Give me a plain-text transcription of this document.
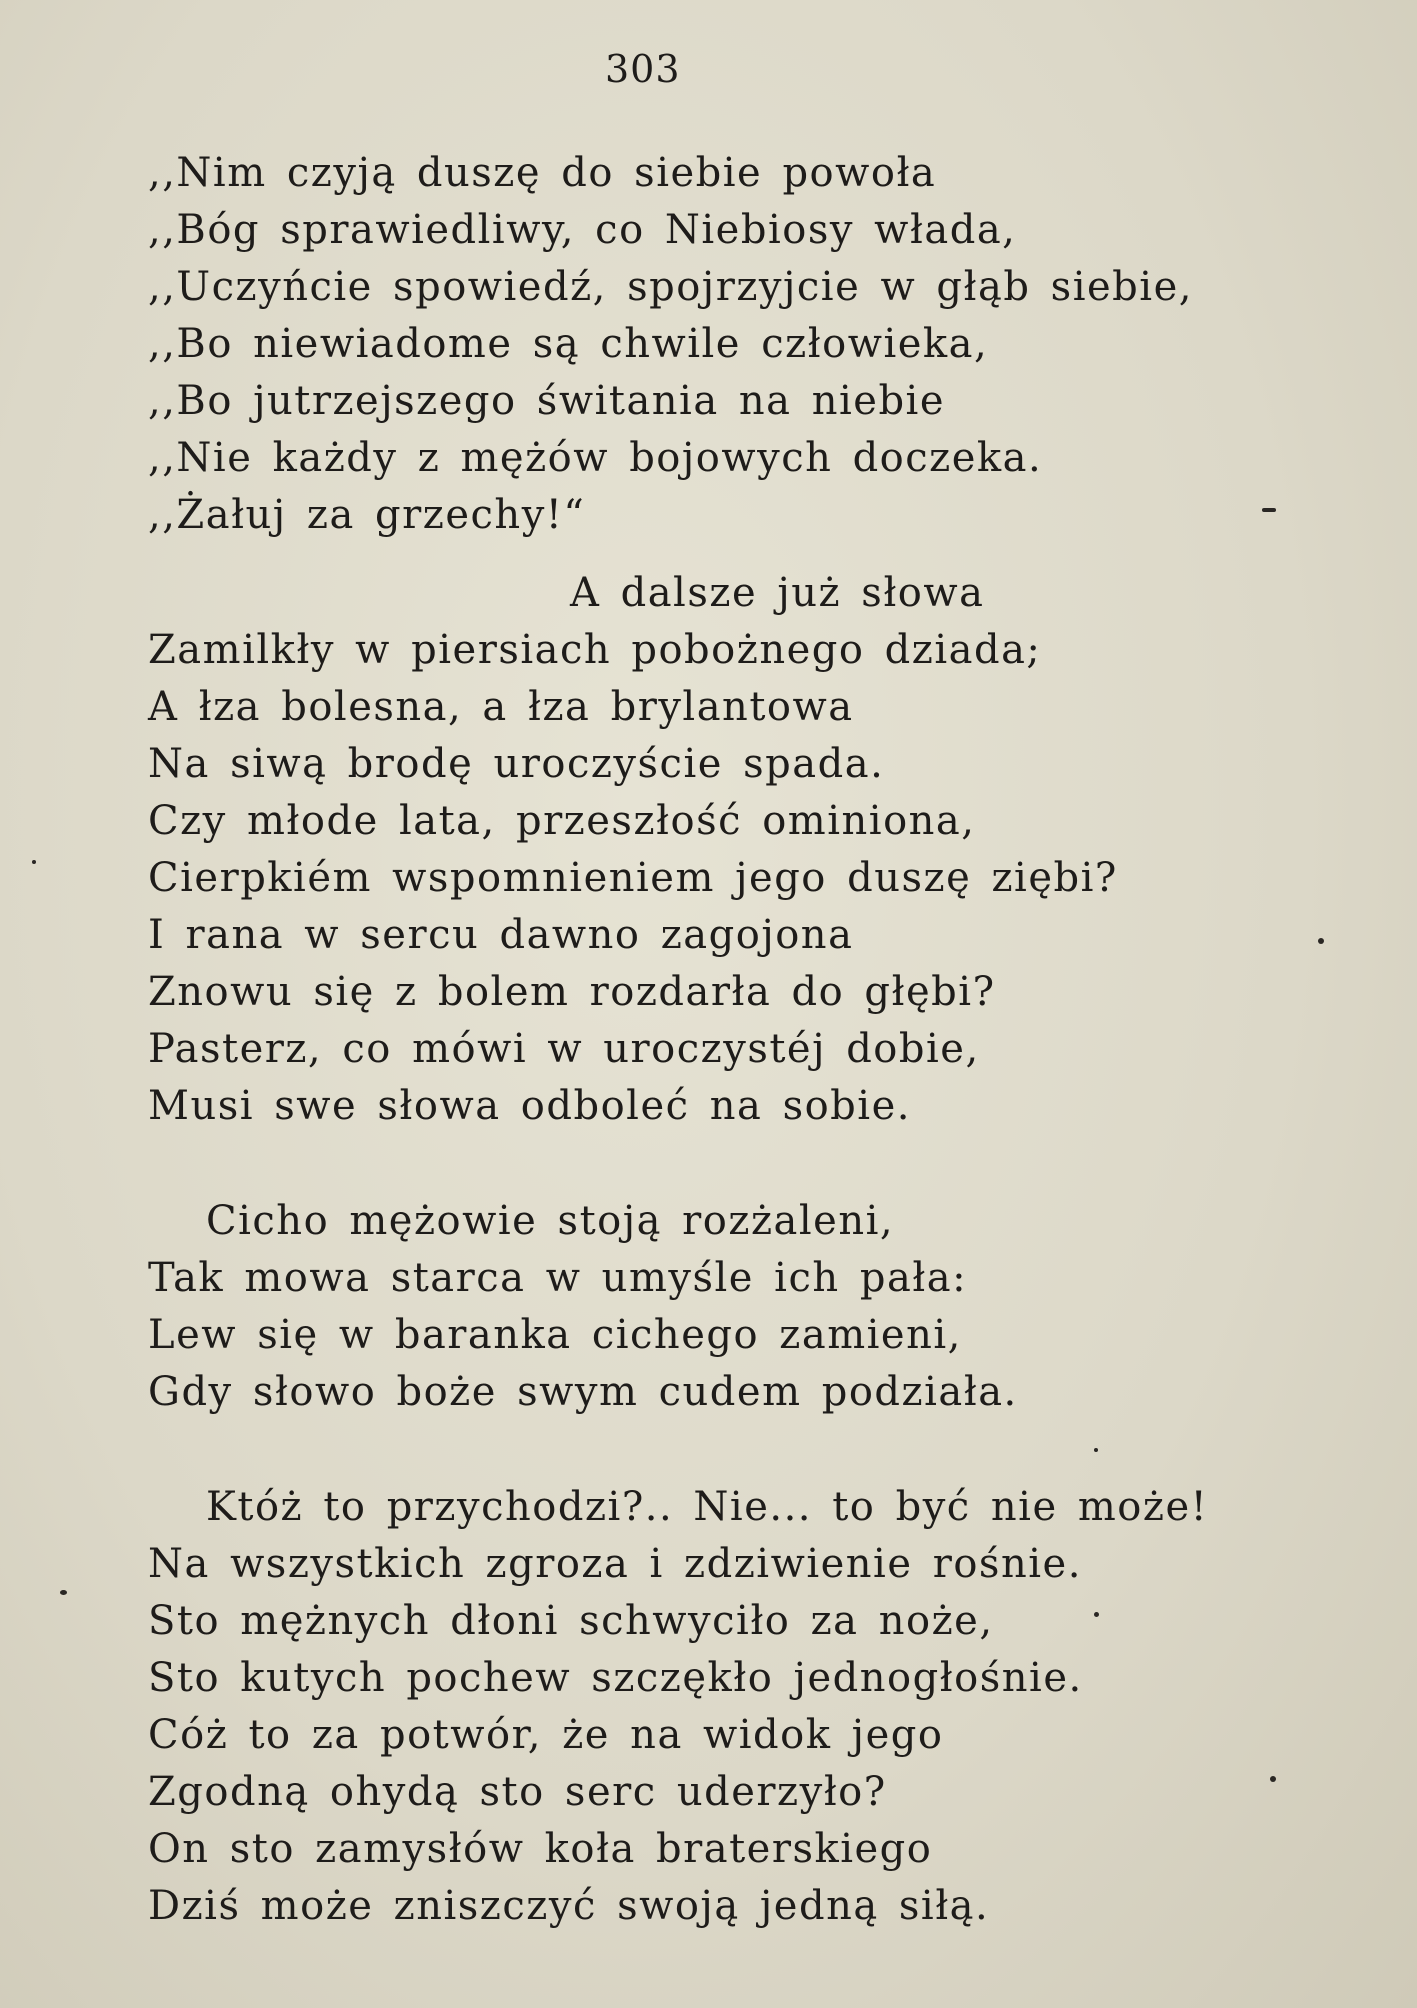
303
,,Nim czyją duszę do siebie powoła
,,Bóg sprawiedliwy, co Niebiosy włada,
,,Uczyńcie spowiedź, spojrzyjcie w głąb siebie,
,,Bo niewiadome są chwile człowieka,
,,Bo jutrzejszego świtania na niebie
,,Nie każdy z mężów bojowych doczeka.
,,Żałuj za grzechy!“
A dalsze już słowa
Zamilkły w piersiach pobożnego dziada;
A łza bolesna, a łza brylantowa
Na siwą brodę uroczyście spada.
Czy młode lata, przeszłość ominiona,
Cierpkiém wspomnieniem jego duszę ziębi?
I rana w sercu dawno zagojona
Znowu się z bolem rozdarła do głębi?
Pasterz, co mówi w uroczystéj dobie,
Musi swe słowa odboleć na sobie.
Cicho mężowie stoją rozżaleni,
Tak mowa starca w umyśle ich pała:
Lew się w baranka cichego zamieni,
Gdy słowo boże swym cudem podziała.
Któż to przychodzi?.. Nie... to być nie może!
Na wszystkich zgroza i zdziwienie rośnie.
Sto mężnych dłoni schwyciło za noże,
Sto kutych pochew szczękło jednogłośnie.
Cóż to za potwór, że na widok jego
Zgodną ohydą sto serc uderzyło?
On sto zamysłów koła braterskiego
Dziś może zniszczyć swoją jedną siłą.
